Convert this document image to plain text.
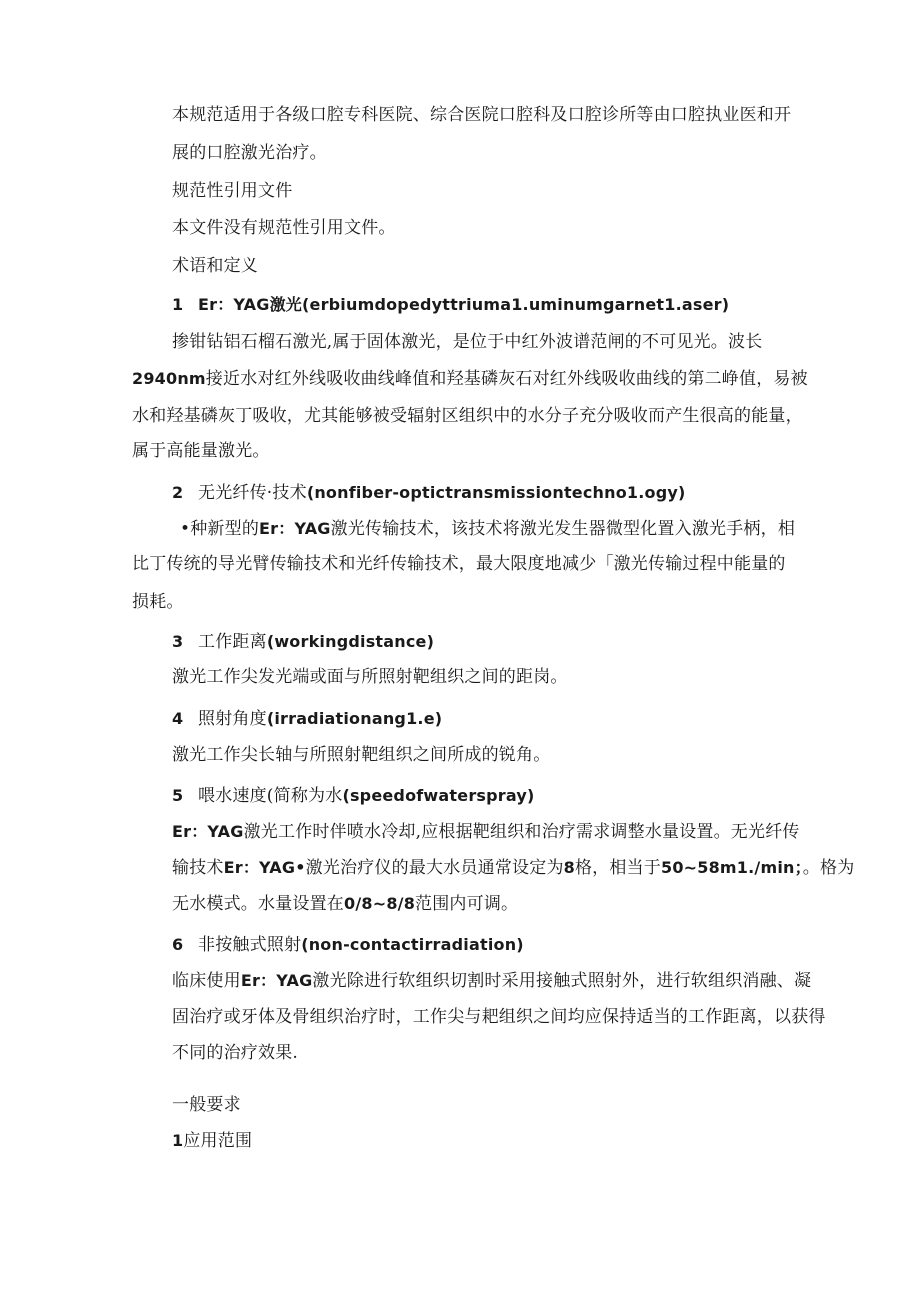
本规范适用于各级口腔专科医院、综合医院口腔科及口腔诊所等由口腔执业医和开
展的口腔激光治疗。
规范性引用文件
本文件没有规范性引用文件。
术语和定义
1 Er：YAG激光(erbiumdopedyttriuma1.uminumgarnet1.aser)
掺钳钻铝石榴石激光,属于固体激光，是位于中红外波谱范闸的不可见光。波长
2940nm接近水对红外线吸收曲线峰值和羟基磷灰石对红外线吸收曲线的第二峥值，易被
水和羟基磷灰丁吸收，尤其能够被受辐射区组织中的水分子充分吸收而产生很高的能量，
属于高能量激光。
2 无光纤传·技术(nonfiber-optictransmissiontechno1.ogy)
•种新型的Er：YAG激光传输技术，该技术将激光发生器微型化置入激光手柄，相
比丁传统的导光臂传输技术和光纤传输技术，最大限度地减少「激光传输过程中能量的
损耗。
3 工作距离(workingdistance)
激光工作尖发光端或面与所照射靶组织之间的距岗。
4 照射角度(irradiationang1.e)
激光工作尖长轴与所照射靶组织之间所成的锐角。
5 喂水速度(简称为水(speedofwaterspray)
Er：YAG激光工作时伴喷水冷却,应根据靶组织和治疗需求调整水量设置。无光纤传
输技术Er：YAG•激光治疗仪的最大水员通常设定为8格，相当于50~58m1./min；。格为
无水模式。水量设置在0/8~8/8范围内可调。
6 非按触式照射(non-contactirradiation)
临床使用Er：YAG激光除进行软组织切割时采用接触式照射外，进行软组织消融、凝
固治疗或牙体及骨组织治疗时，工作尖与耙组织之间均应保持适当的工作距离，以获得
不同的治疗效果.
一般要求
1应用范围
